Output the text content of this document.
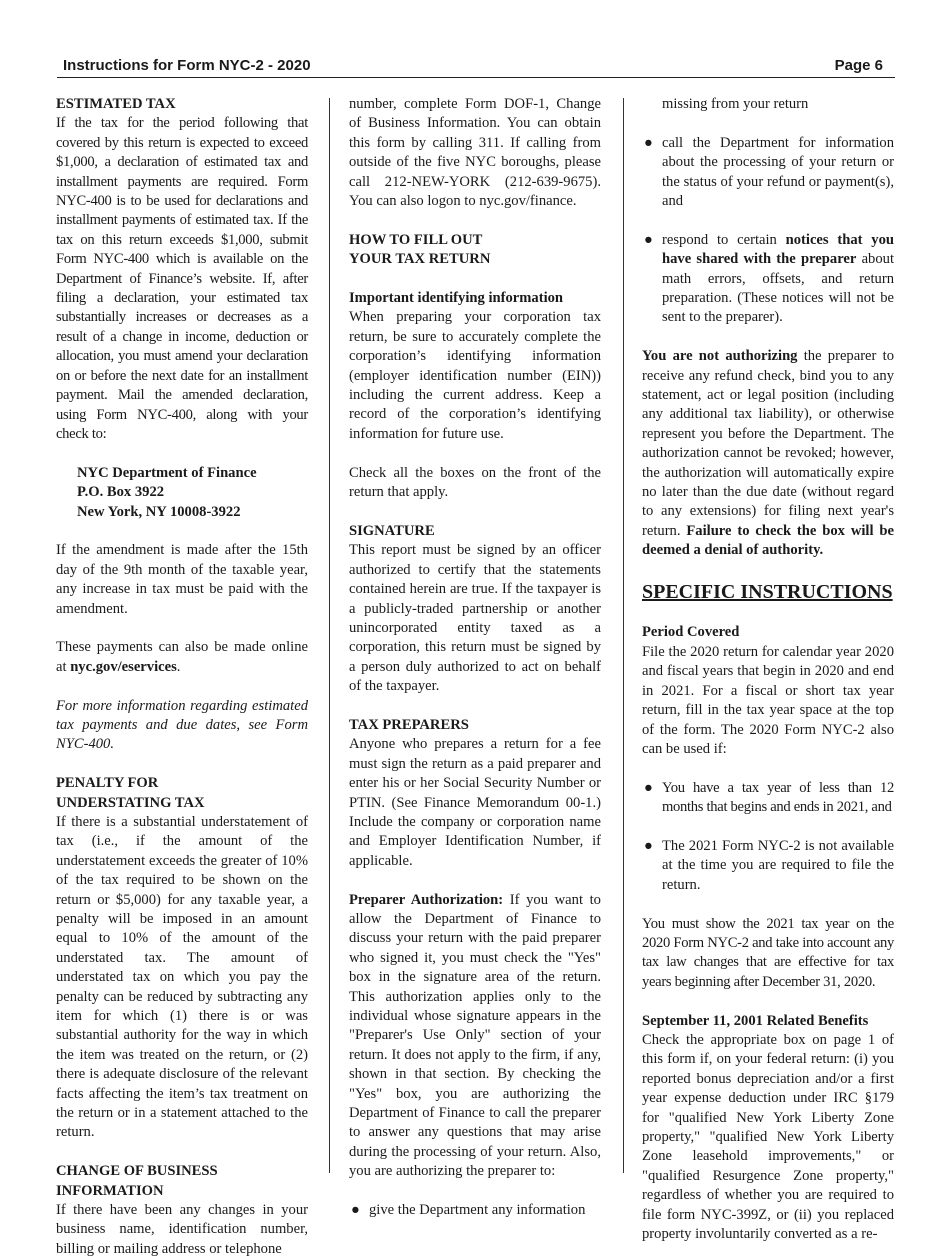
Instructions for Form NYC-2 - 2020	Page 6

ESTIMATED TAX

If the tax for the period following that covered by this return is expected to exceed $1,000, a declaration of estimated tax and installment payments are required. Form NYC-400 is to be used for declarations and installment payments of estimated tax. If the tax on this return exceeds $1,000, submit Form NYC-400 which is available on the Department of Finance’s website. If, after filing a declaration, your estimated tax substantially increases or decreases as a result of a change in income, deduction or allocation, you must amend your declaration on or before the next date for an installment payment. Mail the amended declaration, using Form NYC-400, along with your check to:

NYC Department of Finance

P.O. Box 3922

New York, NY 10008-3922

If the amendment is made after the 15th day of the 9th month of the taxable year, any increase in tax must be paid with the amendment.

These payments can also be made online at nyc.gov/eservices.

For more information regarding estimated tax payments and due dates, see Form NYC-400.

PENALTY FOR

UNDERSTATING TAX

If there is a substantial understatement of tax (i.e., if the amount of the understatement exceeds the greater of 10% of the tax required to be shown on the return or $5,000) for any taxable year, a penalty will be imposed in an amount equal to 10% of the amount of the understated tax. The amount of understated tax on which you pay the penalty can be reduced by subtracting any item for which (1) there is or was substantial authority for the way in which the item was treated on the return, or (2) there is adequate disclosure of the relevant facts affecting the item’s tax treatment on the return or in a statement attached to the return.

CHANGE OF BUSINESS

INFORMATION

If there have been any changes in your business name, identification number, billing or mailing address or telephone

number, complete Form DOF-1, Change of Business Information. You can obtain this form by calling 311. If calling from outside of the five NYC boroughs, please call 212-NEW-YORK (212-639-9675). You can also logon to nyc.gov/finance.

HOW TO FILL OUT

YOUR TAX RETURN

Important identifying information

When preparing your corporation tax return, be sure to accurately complete the corporation’s identifying information (employer identification number (EIN)) including the current address. Keep a record of the corporation’s identifying information for future use.

Check all the boxes on the front of the return that apply.

SIGNATURE

This report must be signed by an officer authorized to certify that the statements contained herein are true. If the taxpayer is a publicly-traded partnership or another unincorporated entity taxed as a corporation, this return must be signed by a person duly authorized to act on behalf of the taxpayer.

TAX PREPARERS

Anyone who prepares a return for a fee must sign the return as a paid preparer and enter his or her Social Security Number or PTIN. (See Finance Memorandum 00-1.) Include the company or corporation name and Employer Identification Number, if applicable.

Preparer Authorization: If you want to allow the Department of Finance to discuss your return with the paid preparer who signed it, you must check the "Yes" box in the signature area of the return. This authorization applies only to the individual whose signature appears in the "Preparer's Use Only" section of your return. It does not apply to the firm, if any, shown in that section. By checking the "Yes" box, you are authorizing the Department of Finance to call the preparer to answer any questions that may arise during the processing of your return. Also, you are authorizing the preparer to:

● give the Department any information

missing from your return

● call the Department for information about the processing of your return or the status of your refund or payment(s), and

● respond to certain notices that you have shared with the preparer about math errors, offsets, and return preparation. (These notices will not be sent to the preparer).

You are not authorizing the preparer to receive any refund check, bind you to any statement, act or legal position (including any additional tax liability), or otherwise represent you before the Department. The authorization cannot be revoked; however, the authorization will automatically expire no later than the due date (without regard to any extensions) for filing next year's return. Failure to check the box will be deemed a denial of authority.

SPECIFIC INSTRUCTIONS

Period Covered

File the 2020 return for calendar year 2020 and fiscal years that begin in 2020 and end in 2021. For a fiscal or short tax year return, fill in the tax year space at the top of the form. The 2020 Form NYC-2 also can be used if:

● You have a tax year of less than 12 months that begins and ends in 2021, and

● The 2021 Form NYC-2 is not available at the time you are required to file the return.

You must show the 2021 tax year on the 2020 Form NYC-2 and take into account any tax law changes that are effective for tax years beginning after December 31, 2020.

September 11, 2001 Related Benefits

Check the appropriate box on page 1 of this form if, on your federal return: (i) you reported bonus depreciation and/or a first year expense deduction under IRC §179 for "qualified New York Liberty Zone property," "qualified New York Liberty Zone leasehold improvements," or "qualified Resurgence Zone property," regardless of whether you are required to file form NYC-399Z, or (ii) you replaced property involuntarily converted as a re-
